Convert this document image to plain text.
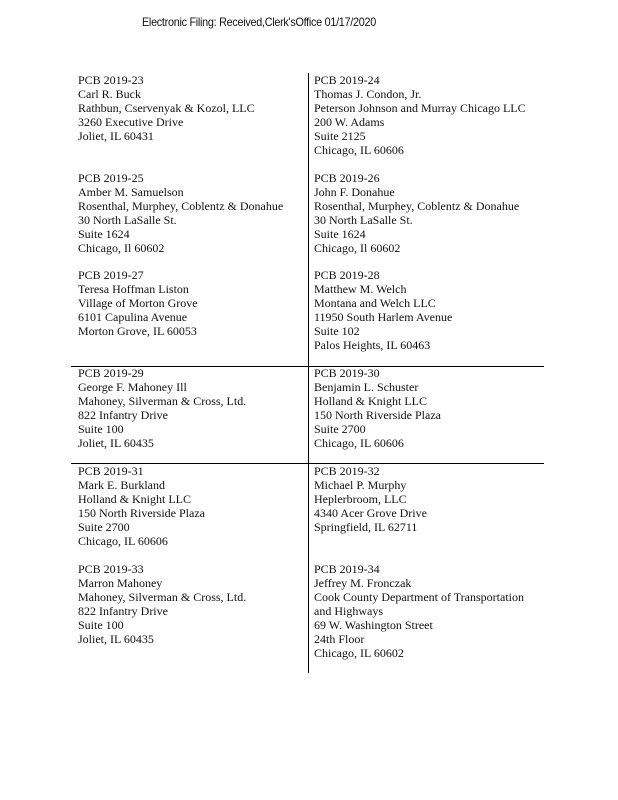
Electronic Filing: Received,Clerk'sOffice 01/17/2020
PCB 2019-23
Carl R. Buck
Rathbun, Cservenyak & Kozol, LLC
3260 Executive Drive
Joliet, IL 60431
PCB 2019-24
Thomas J. Condon, Jr.
Peterson Johnson and Murray Chicago LLC
200 W. Adams
Suite 2125
Chicago, IL 60606
PCB 2019-25
Amber M. Samuelson
Rosenthal, Murphey, Coblentz & Donahue
30 North LaSalle St.
Suite 1624
Chicago, Il 60602
PCB 2019-26
John F. Donahue
Rosenthal, Murphey, Coblentz & Donahue
30 North LaSalle St.
Suite 1624
Chicago, Il 60602
PCB 2019-27
Teresa Hoffman Liston
Village of Morton Grove
6101 Capulina Avenue
Morton Grove, IL 60053
PCB 2019-28
Matthew M. Welch
Montana and Welch LLC
11950 South Harlem Avenue
Suite 102
Palos Heights, IL 60463
PCB 2019-29
George F. Mahoney Ill
Mahoney, Silverman & Cross, Ltd.
822 Infantry Drive
Suite 100
Joliet, IL 60435
PCB 2019-30
Benjamin L. Schuster
Holland & Knight LLC
150 North Riverside Plaza
Suite 2700
Chicago, IL 60606
PCB 2019-31
Mark E. Burkland
Holland & Knight LLC
150 North Riverside Plaza
Suite 2700
Chicago, IL 60606
PCB 2019-32
Michael P. Murphy
Heplerbroom, LLC
4340 Acer Grove Drive
Springfield, IL 62711
PCB 2019-33
Marron Mahoney
Mahoney, Silverman & Cross, Ltd.
822 Infantry Drive
Suite 100
Joliet, IL 60435
PCB 2019-34
Jeffrey M. Fronczak
Cook County Department of Transportation
and Highways
69 W. Washington Street
24th Floor
Chicago, IL 60602
